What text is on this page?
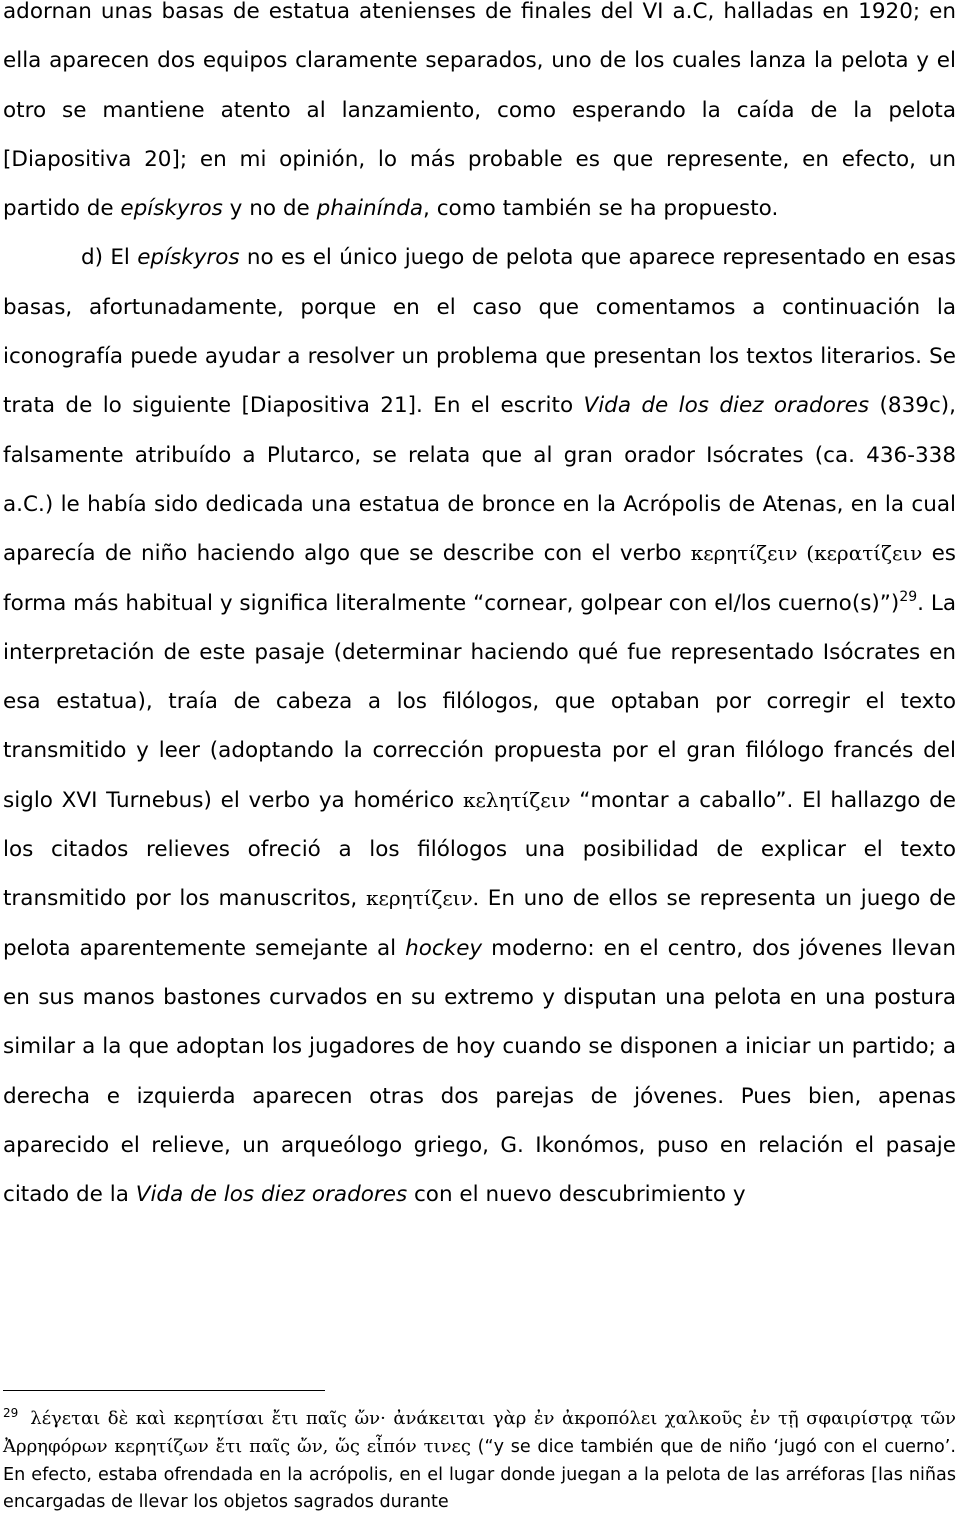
adornan unas basas de estatua atenienses de finales del VI a.C, halladas en 1920; en ella aparecen dos equipos claramente separados, uno de los cuales lanza la pelota y el otro se mantiene atento al lanzamiento, como esperando la caída de la pelota [Diapositiva 20]; en mi opinión, lo más probable es que represente, en efecto, un partido de epískyros y no de phainínda, como también se ha propuesto.

d) El epískyros no es el único juego de pelota que aparece representado en esas basas, afortunadamente, porque en el caso que comentamos a continuación la iconografía puede ayudar a resolver un problema que presentan los textos literarios. Se trata de lo siguiente [Diapositiva 21]. En el escrito Vida de los diez oradores (839c), falsamente atribuído a Plutarco, se relata que al gran orador Isócrates (ca. 436-338 a.C.) le había sido dedicada una estatua de bronce en la Acrópolis de Atenas, en la cual aparecía de niño haciendo algo que se describe con el verbo κερητίζειν (κερατίζειν es forma más habitual y significa literalmente “cornear, golpear con el/los cuerno(s)”)$^{29}$. La interpretación de este pasaje (determinar haciendo qué fue representado Isócrates en esa estatua), traía de cabeza a los filólogos, que optaban por corregir el texto transmitido y leer (adoptando la corrección propuesta por el gran filólogo francés del siglo XVI Turnebus) el verbo ya homérico κελητίζειν “montar a caballo”. El hallazgo de los citados relieves ofreció a los filólogos una posibilidad de explicar el texto transmitido por los manuscritos, κερητίζειν. En uno de ellos se representa un juego de pelota aparentemente semejante al hockey moderno: en el centro, dos jóvenes llevan en sus manos bastones curvados en su extremo y disputan una pelota en una postura similar a la que adoptan los jugadores de hoy cuando se disponen a iniciar un partido; a derecha e izquierda aparecen otras dos parejas de jóvenes. Pues bien, apenas aparecido el relieve, un arqueólogo griego, G. Ikonómos, puso en relación el pasaje citado de la Vida de los diez oradores con el nuevo descubrimiento y

$^{29}$ λέγεται δὲ καὶ κερητίσαι ἔτι παῖς ὤν· ἀνάκειται γὰρ ἐν ἀκροπόλει χαλκοῦς ἐν τῇ σφαιρίστρᾳ τῶν Ἀρρηφόρων κερητίζων ἔτι παῖς ὤν, ὥς εἶπόν τινες (“y se dice también que de niño ‘jugó con el cuerno’. En efecto, estaba ofrendada en la acrópolis, en el lugar donde juegan a la pelota de las arréforas [las niñas encargadas de llevar los objetos sagrados durante
